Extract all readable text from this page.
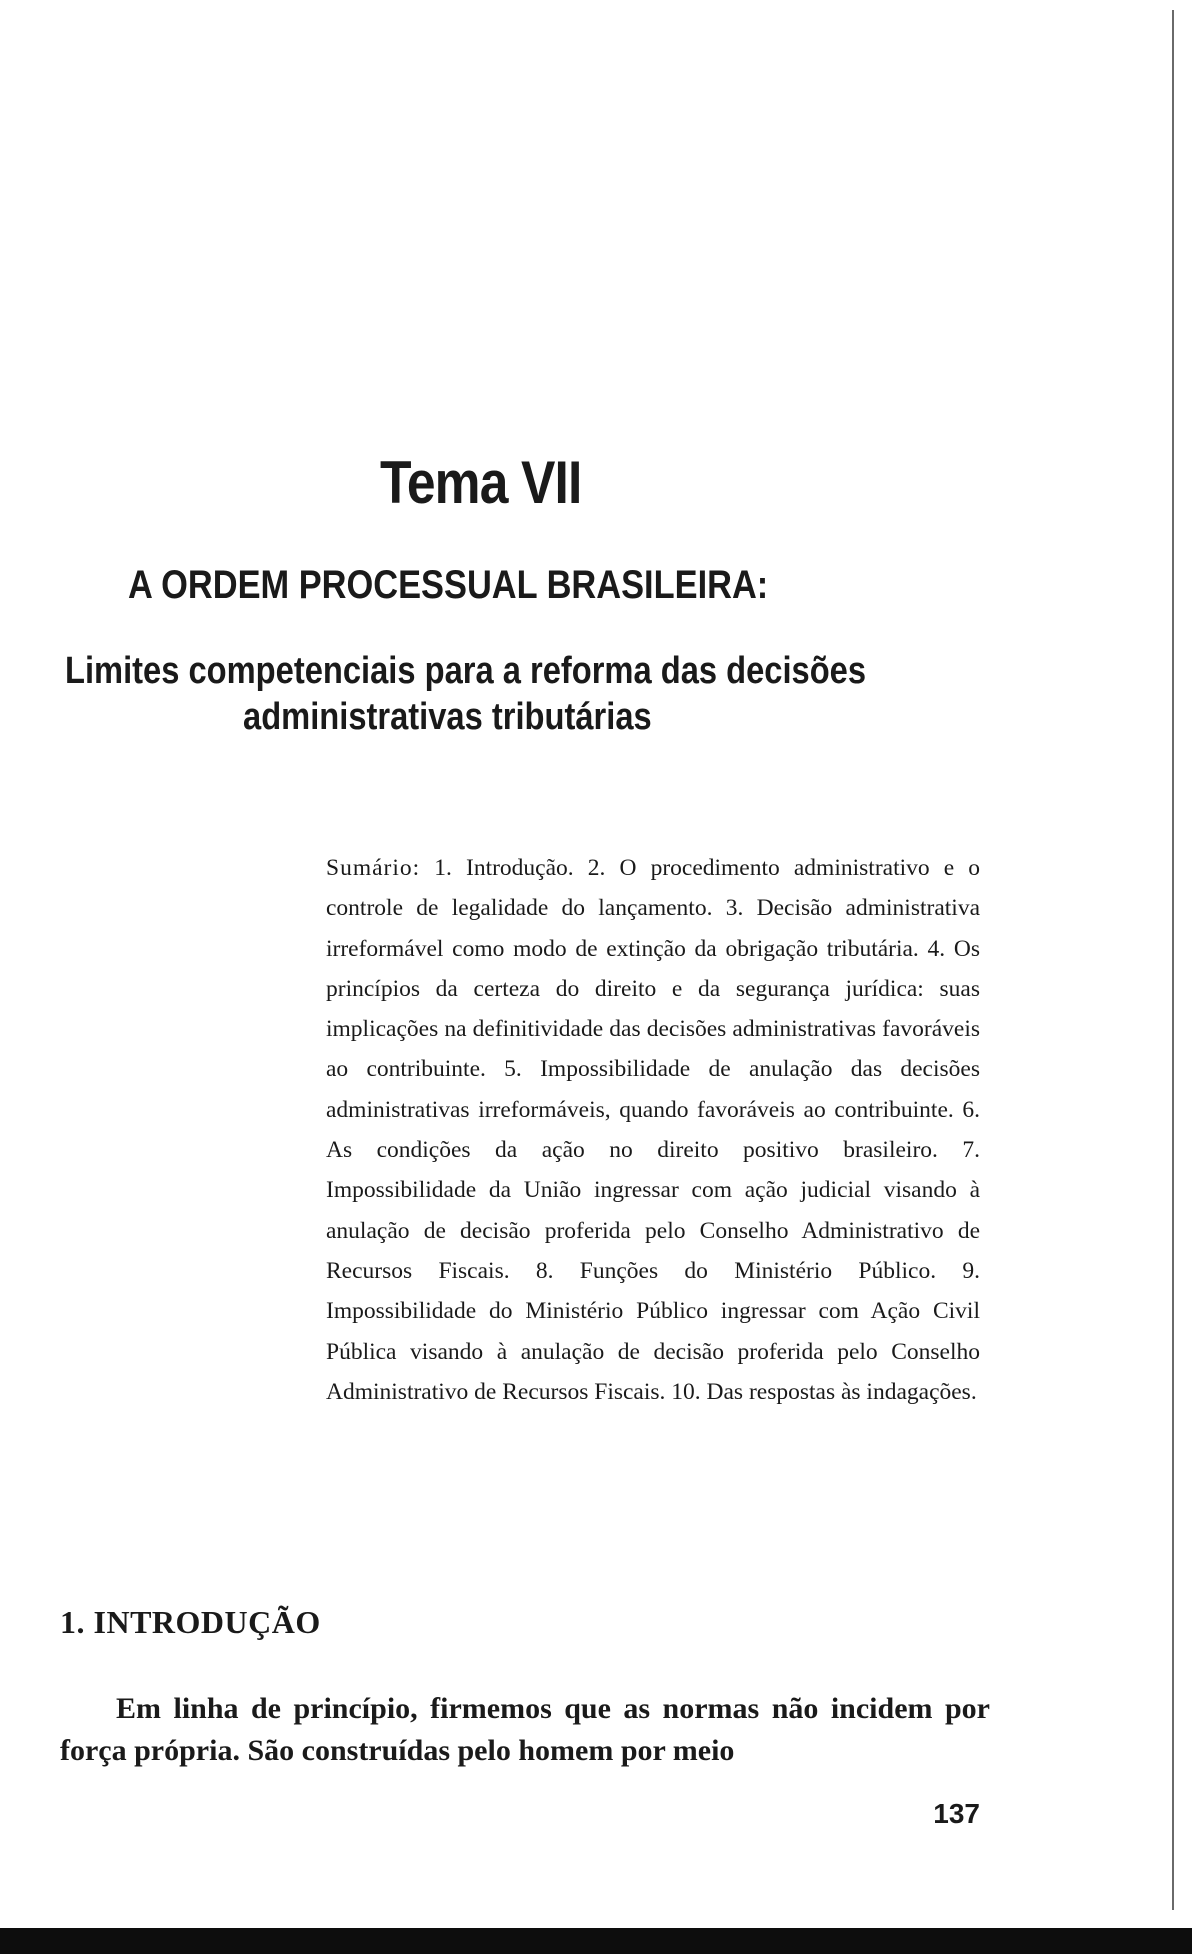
Tema VII
A ORDEM PROCESSUAL BRASILEIRA:
Limites competenciais para a reforma das decisões
administrativas tributárias
Sumário: 1. Introdução. 2. O procedimento administrativo e o controle de legalidade do lançamento. 3. Decisão administrativa irreformável como modo de extinção da obrigação tributária. 4. Os princípios da certeza do direito e da segurança jurídica: suas implicações na definitividade das decisões administrativas favoráveis ao contribuinte. 5. Impossibilidade de anulação das decisões administrativas irreformáveis, quando favoráveis ao contribuinte. 6. As condições da ação no direito positivo brasileiro. 7. Impossibilidade da União ingressar com ação judicial visando à anulação de decisão proferida pelo Conselho Administrativo de Recursos Fiscais. 8. Funções do Ministério Público. 9. Impossibilidade do Ministério Público ingressar com Ação Civil Pública visando à anulação de decisão proferida pelo Conselho Administrativo de Recursos Fiscais. 10. Das respostas às indagações.
1. INTRODUÇÃO
Em linha de princípio, firmemos que as normas não incidem por força própria. São construídas pelo homem por meio
137
